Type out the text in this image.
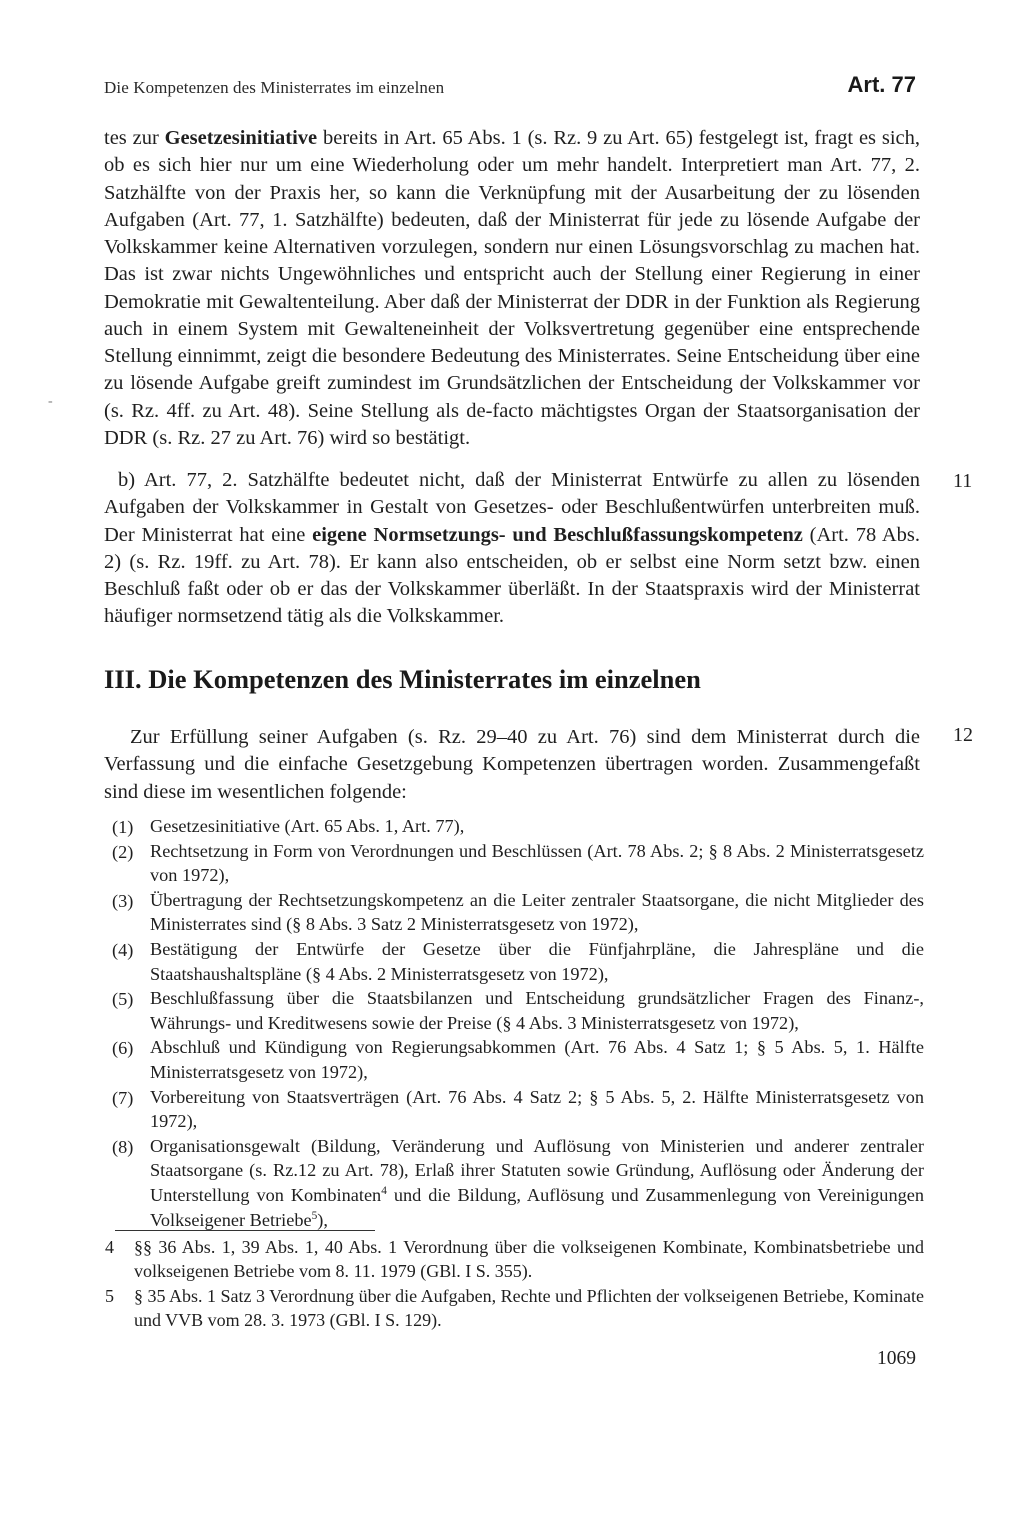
Die Kompetenzen des Ministerrates im einzelnen	Art. 77
-

tes zur Gesetzesinitiative bereits in Art. 65 Abs. 1 (s. Rz. 9 zu Art. 65) festgelegt ist, fragt es sich, ob es sich hier nur um eine Wiederholung oder um mehr handelt. Interpretiert man Art. 77, 2. Satzhälfte von der Praxis her, so kann die Verknüpfung mit der Ausarbeitung der zu lösenden Aufgaben (Art. 77, 1. Satzhälfte) bedeuten, daß der Ministerrat für jede zu lösende Aufgabe der Volkskammer keine Alternativen vorzulegen, sondern nur einen Lösungsvorschlag zu machen hat. Das ist zwar nichts Ungewöhnliches und entspricht auch der Stellung einer Regierung in einer Demokratie mit Gewaltenteilung. Aber daß der Ministerrat der DDR in der Funktion als Regierung auch in einem System mit Gewalteneinheit der Volksvertretung gegenüber eine entsprechende Stellung einnimmt, zeigt die besondere Bedeutung des Ministerrates. Seine Entscheidung über eine zu lösende Aufgabe greift zumindest im Grundsätzlichen der Entscheidung der Volkskammer vor (s. Rz. 4ff. zu Art. 48). Seine Stellung als de-facto mächtigstes Organ der Staatsorganisation der DDR (s. Rz. 27 zu Art. 76) wird so bestätigt.

11

b) Art. 77, 2. Satzhälfte bedeutet nicht, daß der Ministerrat Entwürfe zu allen zu lösenden Aufgaben der Volkskammer in Gestalt von Gesetzes- oder Beschlußentwürfen unterbreiten muß. Der Ministerrat hat eine eigene Normsetzungs- und Beschlußfassungskompetenz (Art. 78 Abs. 2) (s. Rz. 19ff. zu Art. 78). Er kann also entscheiden, ob er selbst eine Norm setzt bzw. einen Beschluß faßt oder ob er das der Volkskammer überläßt. In der Staatspraxis wird der Ministerrat häufiger normsetzend tätig als die Volkskammer.

III. Die Kompetenzen des Ministerrates im einzelnen
12

Zur Erfüllung seiner Aufgaben (s. Rz. 29–40 zu Art. 76) sind dem Ministerrat durch die Verfassung und die einfache Gesetzgebung Kompetenzen übertragen worden. Zusammengefaßt sind diese im wesentlichen folgende:

(1) Gesetzesinitiative (Art. 65 Abs. 1, Art. 77),
(2) Rechtsetzung in Form von Verordnungen und Beschlüssen (Art. 78 Abs. 2; § 8 Abs. 2 Ministerratsgesetz von 1972),
(3) Übertragung der Rechtsetzungskompetenz an die Leiter zentraler Staatsorgane, die nicht Mitglieder des Ministerrates sind (§ 8 Abs. 3 Satz 2 Ministerratsgesetz von 1972),
(4) Bestätigung der Entwürfe der Gesetze über die Fünfjahrpläne, die Jahrespläne und die Staatshaushaltspläne (§ 4 Abs. 2 Ministerratsgesetz von 1972),
(5) Beschlußfassung über die Staatsbilanzen und Entscheidung grundsätzlicher Fragen des Finanz-, Währungs- und Kreditwesens sowie der Preise (§ 4 Abs. 3 Ministerratsgesetz von 1972),
(6) Abschluß und Kündigung von Regierungsabkommen (Art. 76 Abs. 4 Satz 1; § 5 Abs. 5, 1. Hälfte Ministerratsgesetz von 1972),
(7) Vorbereitung von Staatsverträgen (Art. 76 Abs. 4 Satz 2; § 5 Abs. 5, 2. Hälfte Ministerratsgesetz von 1972),
(8) Organisationsgewalt (Bildung, Veränderung und Auflösung von Ministerien und anderer zentraler Staatsorgane (s. Rz.12 zu Art. 78), Erlaß ihrer Statuten sowie Gründung, Auflösung oder Änderung der Unterstellung von Kombinaten$^4$ und die Bildung, Auflösung und Zusammenlegung von Vereinigungen Volkseigener Betriebe$^5$),
4 §§ 36 Abs. 1, 39 Abs. 1, 40 Abs. 1 Verordnung über die volkseigenen Kombinate, Kombinatsbetriebe und volkseigenen Betriebe vom 8. 11. 1979 (GBl. I S. 355).
5 § 35 Abs. 1 Satz 3 Verordnung über die Aufgaben, Rechte und Pflichten der volkseigenen Betriebe, Kominate und VVB vom 28. 3. 1973 (GBl. I S. 129).
1069
